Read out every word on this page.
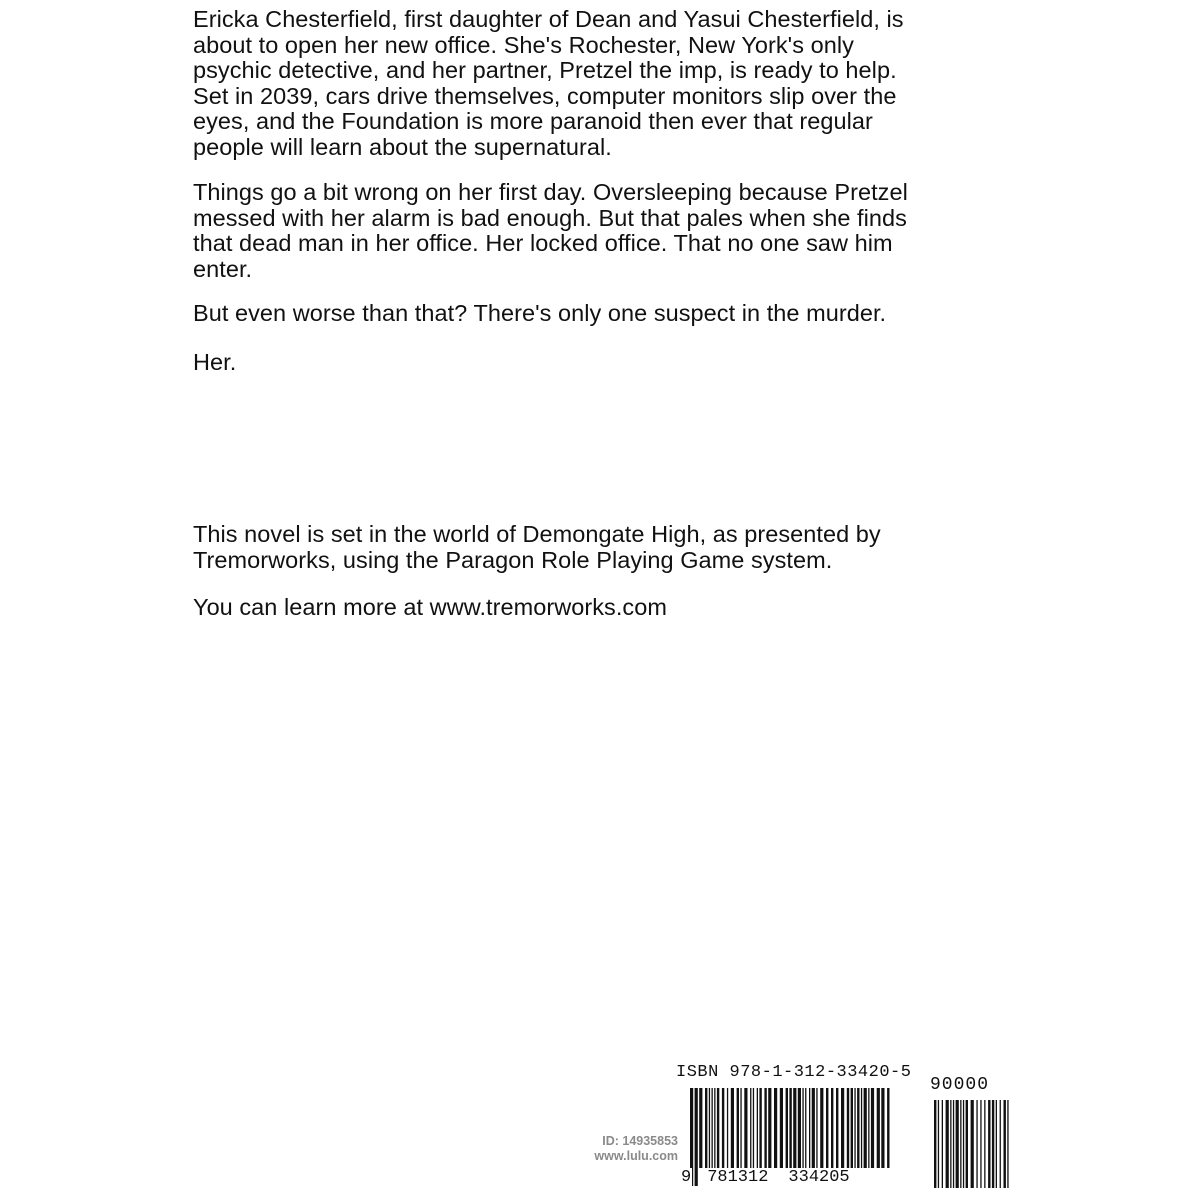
Ericka Chesterfield, first daughter of Dean and Yasui Chesterfield, is
about to open her new office. She's Rochester, New York's only
psychic detective, and her partner, Pretzel the imp, is ready to help.
Set in 2039, cars drive themselves, computer monitors slip over the
eyes, and the Foundation is more paranoid then ever that regular
people will learn about the supernatural.

Things go a bit wrong on her first day. Oversleeping because Pretzel
messed with her alarm is bad enough. But that pales when she finds
that dead man in her office. Her locked office. That no one saw him
enter.

But even worse than that? There's only one suspect in the murder.

Her.

This novel is set in the world of Demongate High, as presented by
Tremorworks, using the Paragon Role Playing Game system.

You can learn more at www.tremorworks.com

ID: 14935853
www.lulu.com
ISBN 978-1-312-33420-5
90000
9 781312 334205
